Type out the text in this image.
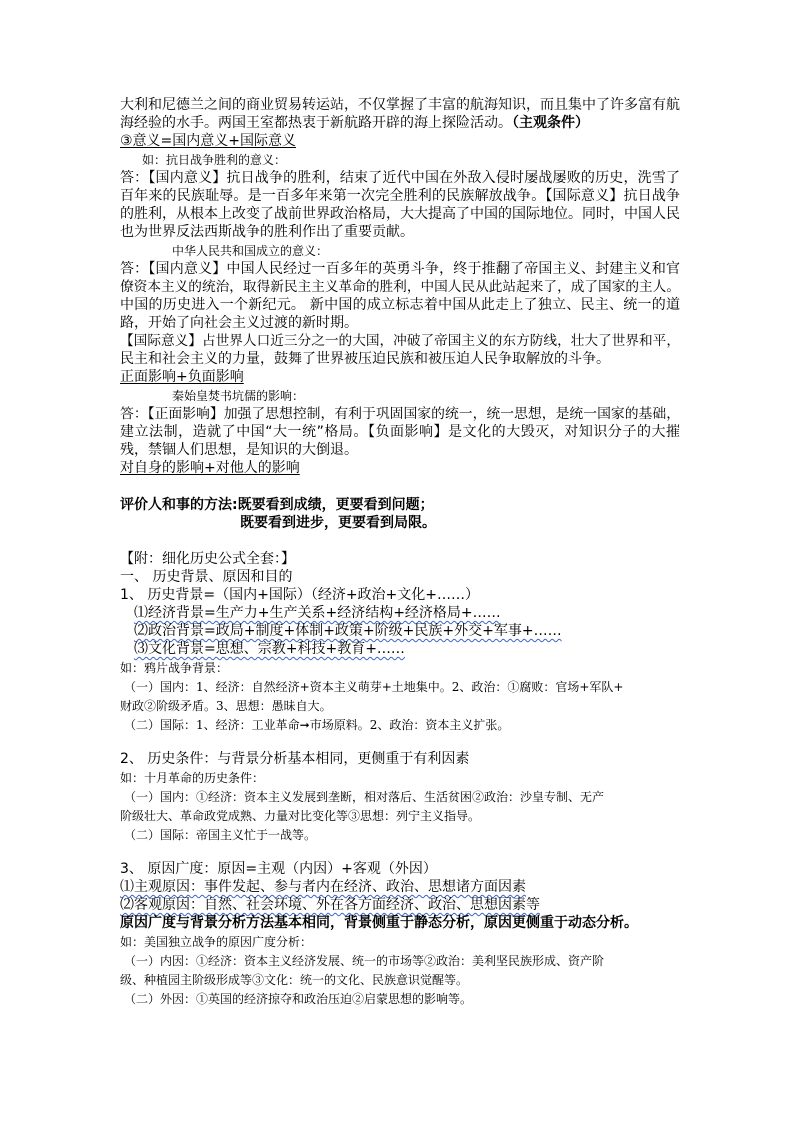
大利和尼德兰之间的商业贸易转运站，不仅掌握了丰富的航海知识，而且集中了许多富有航
海经验的水手。两国王室都热衷于新航路开辟的海上探险活动。（主观条件）
③意义=国内意义+国际意义
如：抗日战争胜利的意义：
答：【国内意义】抗日战争的胜利，结束了近代中国在外敌入侵时屡战屡败的历史，洗雪了
百年来的民族耻辱。是一百多年来第一次完全胜利的民族解放战争。【国际意义】抗日战争
的胜利，从根本上改变了战前世界政治格局，大大提高了中国的国际地位。同时，中国人民
也为世界反法西斯战争的胜利作出了重要贡献。
中华人民共和国成立的意义：
答：【国内意义】中国人民经过一百多年的英勇斗争，终于推翻了帝国主义、封建主义和官
僚资本主义的统治，取得新民主主义革命的胜利，中国人民从此站起来了，成了国家的主人。
中国的历史进入一个新纪元。 新中国的成立标志着中国从此走上了独立、民主、统一的道
路，开始了向社会主义过渡的新时期。
【国际意义】占世界人口近三分之一的大国，冲破了帝国主义的东方防线，壮大了世界和平，
民主和社会主义的力量，鼓舞了世界被压迫民族和被压迫人民争取解放的斗争。
正面影响+负面影响
秦始皇焚书坑儒的影响：
答：【正面影响】加强了思想控制，有利于巩固国家的统一，统一思想，是统一国家的基础，
建立法制，造就了中国“大一统”格局。【负面影响】是文化的大毁灭，对知识分子的大摧
残，禁锢人们思想，是知识的大倒退。
对自身的影响+对他人的影响
评价人和事的方法:既要看到成绩，更要看到问题；
既要看到进步，更要看到局限。
【附：细化历史公式全套：】
一、 历史背景、原因和目的
1、 历史背景=（国内+国际）（经济+政治+文化+……）
⑴经济背景=生产力+生产关系+经济结构+经济格局+……
⑵政治背景=政局+制度+体制+政策+阶级+民族+外交+军事+……
⑶文化背景=思想、宗教+科技+教育+……
如：鸦片战争背景：
（一）国内：1、经济：自然经济+资本主义萌芽+土地集中。2、政治：①腐败：官场+军队+
财政②阶级矛盾。3、思想：愚昧自大。
（二）国际：1、经济：工业革命➞市场原料。2、政治：资本主义扩张。
2、 历史条件：与背景分析基本相同，更侧重于有利因素
如：十月革命的历史条件：
（一）国内：①经济：资本主义发展到垄断，相对落后、生活贫困②政治：沙皇专制、无产
阶级壮大、革命政党成熟、力量对比变化等③思想：列宁主义指导。
（二）国际：帝国主义忙于一战等。
3、 原因广度：原因=主观（内因）+客观（外因）
⑴主观原因：事件发起、参与者内在经济、政治、思想诸方面因素
⑵客观原因：自然、社会环境、外在各方面经济、政治、思想因素等
原因广度与背景分析方法基本相同，背景侧重于静态分析，原因更侧重于动态分析。
如：美国独立战争的原因广度分析：
（一）内因：①经济：资本主义经济发展、统一的市场等②政治：美利坚民族形成、资产阶
级、种植园主阶级形成等③文化：统一的文化、民族意识觉醒等。
（二）外因：①英国的经济掠夺和政治压迫②启蒙思想的影响等。
